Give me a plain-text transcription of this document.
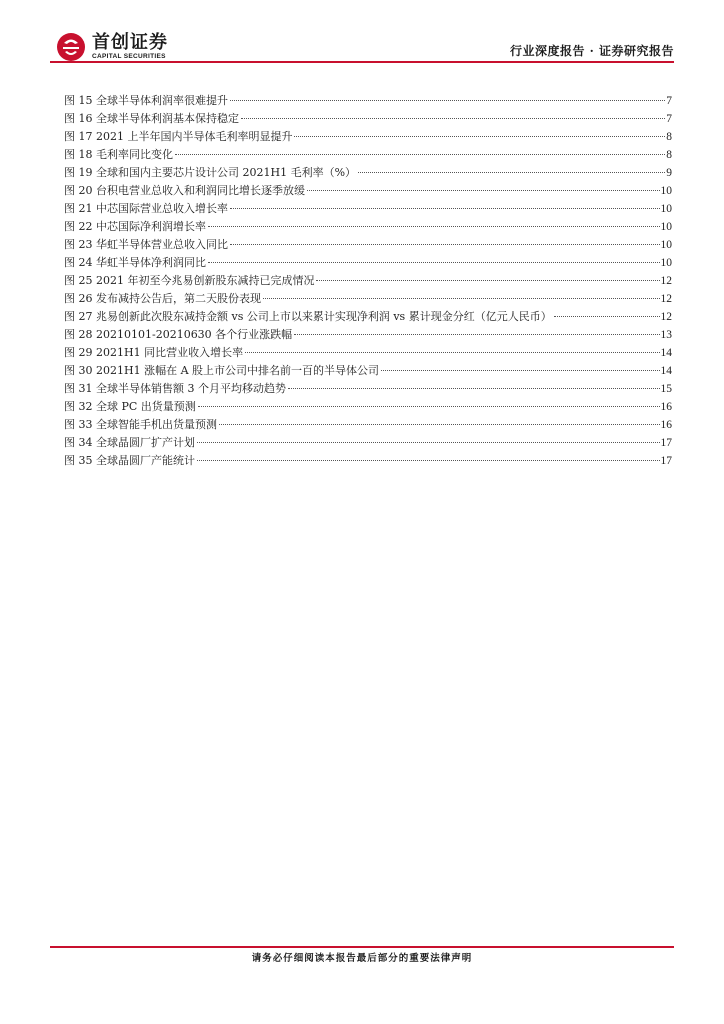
首创证券
CAPITAL SECURITIES	行业深度报告 · 证券研究报告
图 15 全球半导体利润率很难提升	7
图 16 全球半导体利润基本保持稳定	7
图 17 2021 上半年国内半导体毛利率明显提升	8
图 18 毛利率同比变化	8
图 19 全球和国内主要芯片设计公司 2021H1 毛利率（%）	9
图 20 台积电营业总收入和利润同比增长逐季放缓	10
图 21 中芯国际营业总收入增长率	10
图 22 中芯国际净利润增长率	10
图 23 华虹半导体营业总收入同比	10
图 24 华虹半导体净利润同比	10
图 25 2021 年初至今兆易创新股东减持已完成情况	12
图 26 发布减持公告后，第二天股份表现	12
图 27 兆易创新此次股东减持金额 vs 公司上市以来累计实现净利润 vs 累计现金分红（亿元人民币）	12
图 28 20210101-20210630 各个行业涨跌幅	13
图 29 2021H1 同比营业收入增长率	14
图 30 2021H1 涨幅在 A 股上市公司中排名前一百的半导体公司	14
图 31 全球半导体销售额 3 个月平均移动趋势	15
图 32 全球 PC 出货量预测	16
图 33 全球智能手机出货量预测	16
图 34 全球晶圆厂扩产计划	17
图 35 全球晶圆厂产能统计	17
请务必仔细阅读本报告最后部分的重要法律声明
